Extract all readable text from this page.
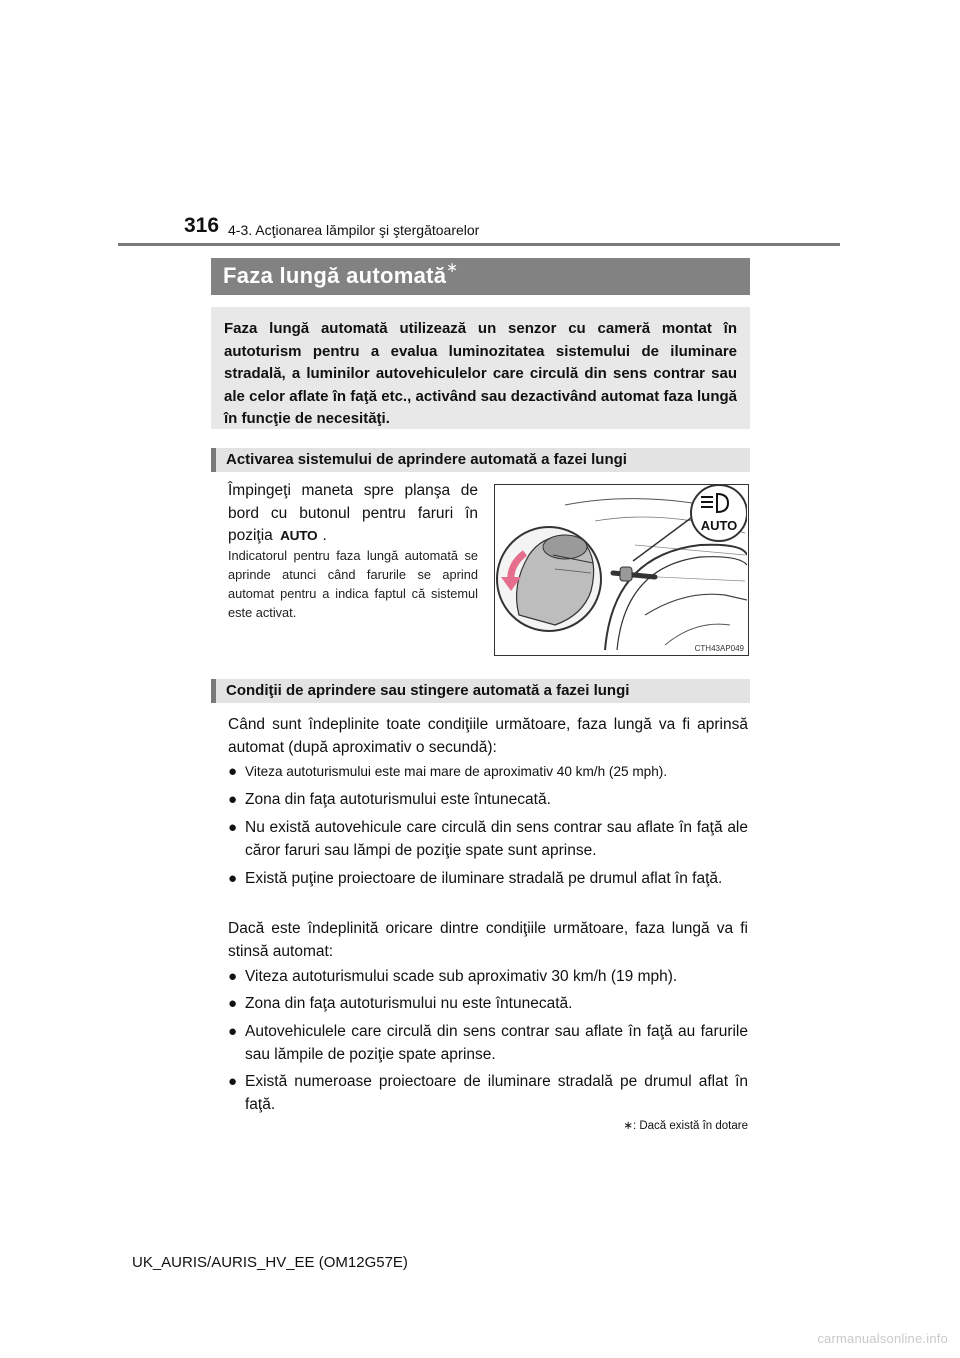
316 4-3. Acţionarea lămpilor şi ştergătoarelor
Faza lungă automată∗
Faza lungă automată utilizează un senzor cu cameră montat în autoturism pentru a evalua luminozitatea sistemului de iluminare stradală, a luminilor autovehiculelor care circulă din sens contrar sau ale celor aflate în faţă etc., activând sau dezactivând automat faza lungă în funcţie de necesităţi.
Activarea sistemului de aprindere automată a fazei lungi
Împingeţi maneta spre planşa de bord cu butonul pentru faruri în poziţia AUTO .
Indicatorul pentru faza lungă automată se aprinde atunci când farurile se aprind automat pentru a indica faptul că sistemul este activat.
AUTO
CTH43AP049
Condiţii de aprindere sau stingere automată a fazei lungi
Când sunt îndeplinite toate condiţiile următoare, faza lungă va fi aprinsă automat (după aproximativ o secundă):
● Viteza autoturismului este mai mare de aproximativ 40 km/h (25 mph).
● Zona din faţa autoturismului este întunecată.
● Nu există autovehicule care circulă din sens contrar sau aflate în faţă ale căror faruri sau lămpi de poziţie spate sunt aprinse.
● Există puţine proiectoare de iluminare stradală pe drumul aflat în faţă.
Dacă este îndeplinită oricare dintre condiţiile următoare, faza lungă va fi stinsă automat:
● Viteza autoturismului scade sub aproximativ 30 km/h (19 mph).
● Zona din faţa autoturismului nu este întunecată.
● Autovehiculele care circulă din sens contrar sau aflate în faţă au farurile sau lămpile de poziţie spate aprinse.
● Există numeroase proiectoare de iluminare stradală pe drumul aflat în faţă.
∗: Dacă există în dotare
UK_AURIS/AURIS_HV_EE (OM12G57E)
carmanualsonline.info
